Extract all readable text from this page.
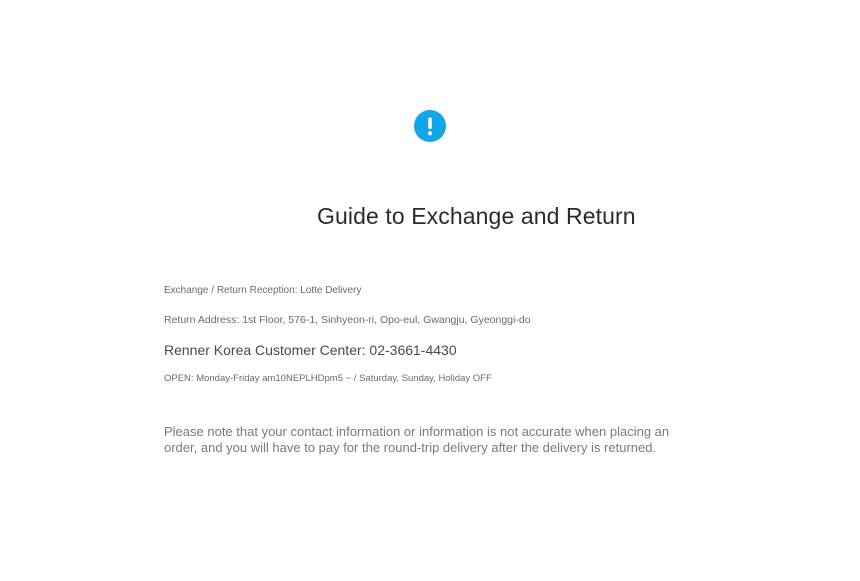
Guide to Exchange and Return

Exchange / Return Reception: Lotte Delivery

Return Address: 1st Floor, 576-1, Sinhyeon-ri, Opo-eul, Gwangju, Gyeonggi-do

Renner Korea Customer Center: 02-3661-4430

OPEN: Monday-Friday am10NEPLHDpm5 ~ / Saturday, Sunday, Holiday OFF

Please note that your contact information or information is not accurate when placing an order, and you will have to pay for the round-trip delivery after the delivery is returned.
